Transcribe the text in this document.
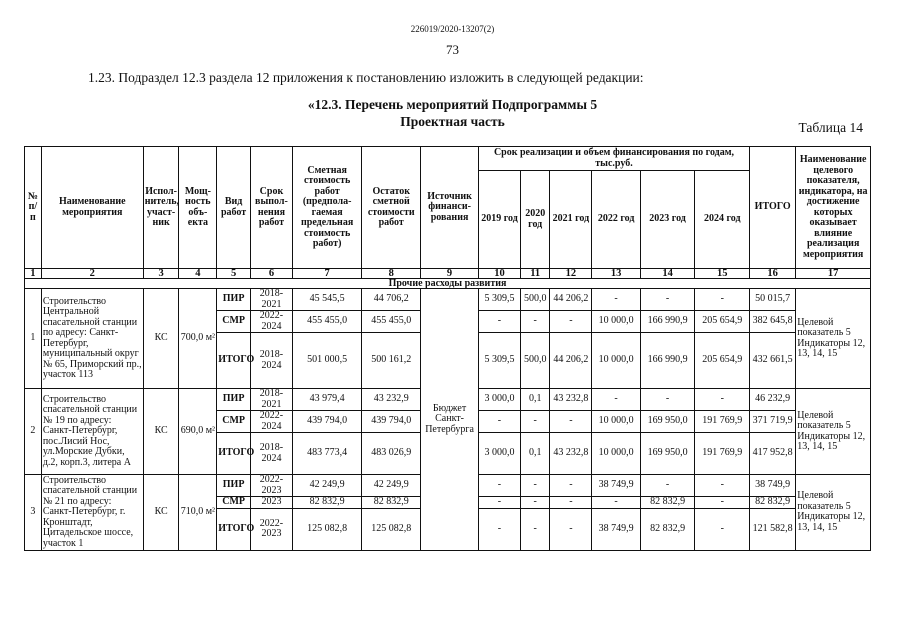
226019/2020-13207(2)
73
1.23. Подраздел 12.3 раздела 12 приложения к постановлению изложить в следующей редакции:
«12.3. Перечень мероприятий Подпрограммы 5
Проектная часть	Таблица 14
№ п/п	Наименование мероприятия	Испол-нитель, участ-ник	Мощ-ность объ-екта	Вид работ	Срок выпол-нения работ	Сметная стоимость работ (предпола-гаемая предельная стоимость работ)	Остаток сметной стоимости работ	Источник финанси-рования	Срок реализации и объем финансирования по годам, тыс.руб.						ИТОГО	Наименование целевого показателя, индикатора, на достижение которых оказывает влияние реализация мероприятия
									2019 год	2020 год	2021 год	2022 год	2023 год	2024 год		
1	2	3	4	5	6	7	8	9	10	11	12	13	14	15	16	17
Прочие расходы развития																
1	Строительство Центральной спасательной станции по адресу: Санкт-Петербург, муниципальный округ № 65, Приморский пр., участок 113	КС	700,0 м²	ПИР	2018-2021	45 545,5	44 706,2	Бюджет Санкт-Петербурга	5 309,5	500,0	44 206,2	-	-	-	50 015,7	Целевой показатель 5 Индикаторы 12, 13, 14, 15
				СМР	2022-2024	455 455,0	455 455,0		-	-	-	10 000,0	166 990,9	205 654,9	382 645,8	
				ИТОГО	2018-2024	501 000,5	500 161,2		5 309,5	500,0	44 206,2	10 000,0	166 990,9	205 654,9	432 661,5	
2	Строительство спасательной станции № 19 по адресу: Санкт-Петербург, пос.Лисий Нос, ул.Морские Дубки, д.2, корп.3, литера А	КС	690,0 м²	ПИР	2018-2021	43 979,4	43 232,9		3 000,0	0,1	43 232,8	-	-	-	46 232,9	Целевой показатель 5 Индикаторы 12, 13, 14, 15
				СМР	2022-2024	439 794,0	439 794,0		-	-	-	10 000,0	169 950,0	191 769,9	371 719,9	
				ИТОГО	2018-2024	483 773,4	483 026,9		3 000,0	0,1	43 232,8	10 000,0	169 950,0	191 769,9	417 952,8	
3	Строительство спасательной станции № 21 по адресу: Санкт-Петербург, г. Кронштадт, Цитадельское шоссе, участок 1	КС	710,0 м²	ПИР	2022-2023	42 249,9	42 249,9		-	-	-	38 749,9	-	-	38 749,9	Целевой показатель 5 Индикаторы 12, 13, 14, 15
				СМР	2023	82 832,9	82 832,9		-	-	-	-	82 832,9	-	82 832,9	
				ИТОГО	2022-2023	125 082,8	125 082,8		-	-	-	38 749,9	82 832,9	-	121 582,8	
